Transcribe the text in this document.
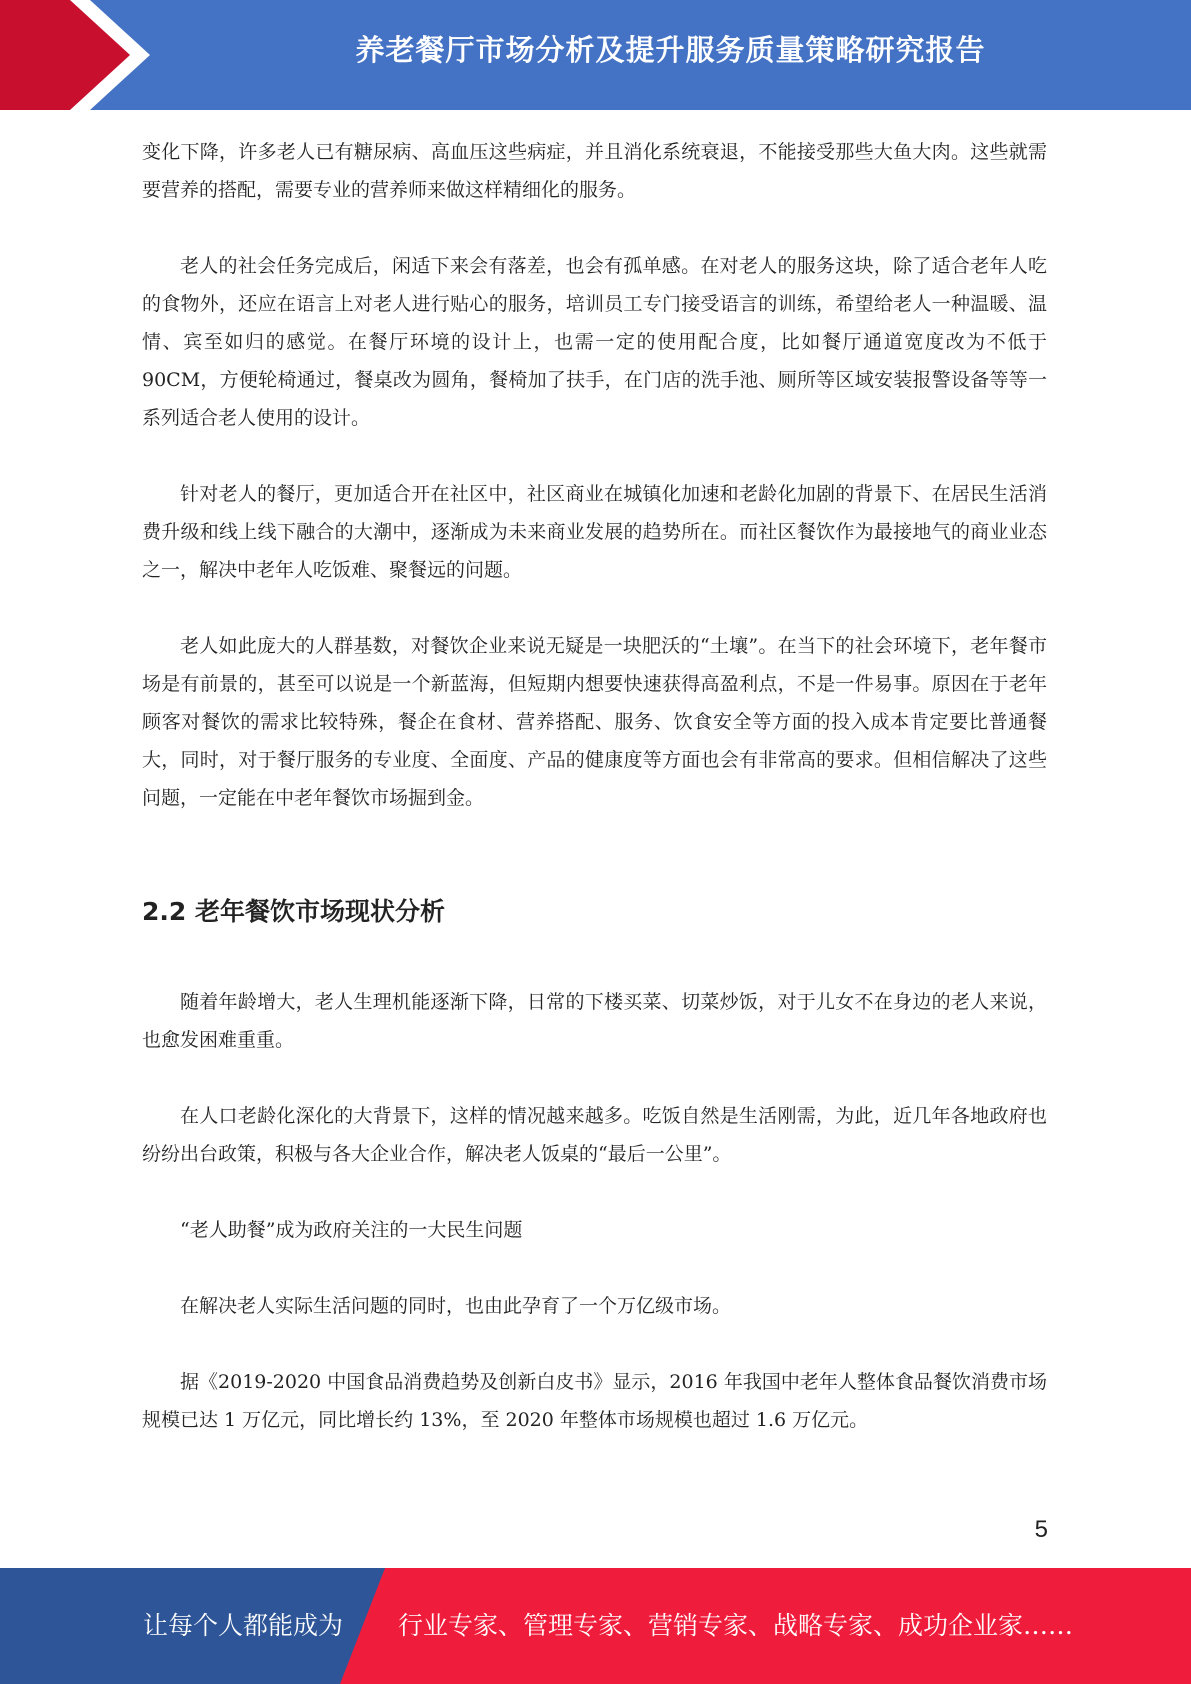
养老餐厅市场分析及提升服务质量策略研究报告

变化下降，许多老人已有糖尿病、高血压这些病症，并且消化系统衰退，不能接受那些大鱼大肉。这些就需要营养的搭配，需要专业的营养师来做这样精细化的服务。

老人的社会任务完成后，闲适下来会有落差，也会有孤单感。在对老人的服务这块，除了适合老年人吃的食物外，还应在语言上对老人进行贴心的服务，培训员工专门接受语言的训练，希望给老人一种温暖、温情、宾至如归的感觉。在餐厅环境的设计上，也需一定的使用配合度，比如餐厅通道宽度改为不低于90CM，方便轮椅通过，餐桌改为圆角，餐椅加了扶手，在门店的洗手池、厕所等区域安装报警设备等等一系列适合老人使用的设计。

针对老人的餐厅，更加适合开在社区中，社区商业在城镇化加速和老龄化加剧的背景下、在居民生活消费升级和线上线下融合的大潮中，逐渐成为未来商业发展的趋势所在。而社区餐饮作为最接地气的商业业态之一，解决中老年人吃饭难、聚餐远的问题。

老人如此庞大的人群基数，对餐饮企业来说无疑是一块肥沃的“土壤”。在当下的社会环境下，老年餐市场是有前景的，甚至可以说是一个新蓝海，但短期内想要快速获得高盈利点，不是一件易事。原因在于老年顾客对餐饮的需求比较特殊，餐企在食材、营养搭配、服务、饮食安全等方面的投入成本肯定要比普通餐大，同时，对于餐厅服务的专业度、全面度、产品的健康度等方面也会有非常高的要求。但相信解决了这些问题，一定能在中老年餐饮市场掘到金。

2.2 老年餐饮市场现状分析

随着年龄增大，老人生理机能逐渐下降，日常的下楼买菜、切菜炒饭，对于儿女不在身边的老人来说，也愈发困难重重。

在人口老龄化深化的大背景下，这样的情况越来越多。吃饭自然是生活刚需，为此，近几年各地政府也纷纷出台政策，积极与各大企业合作，解决老人饭桌的“最后一公里”。

“老人助餐”成为政府关注的一大民生问题

在解决老人实际生活问题的同时，也由此孕育了一个万亿级市场。

据《2019-2020 中国食品消费趋势及创新白皮书》显示，2016 年我国中老年人整体食品餐饮消费市场规模已达 1 万亿元，同比增长约 13%，至 2020 年整体市场规模也超过 1.6 万亿元。

5
让每个人都能成为 行业专家、管理专家、营销专家、战略专家、成功企业家……
